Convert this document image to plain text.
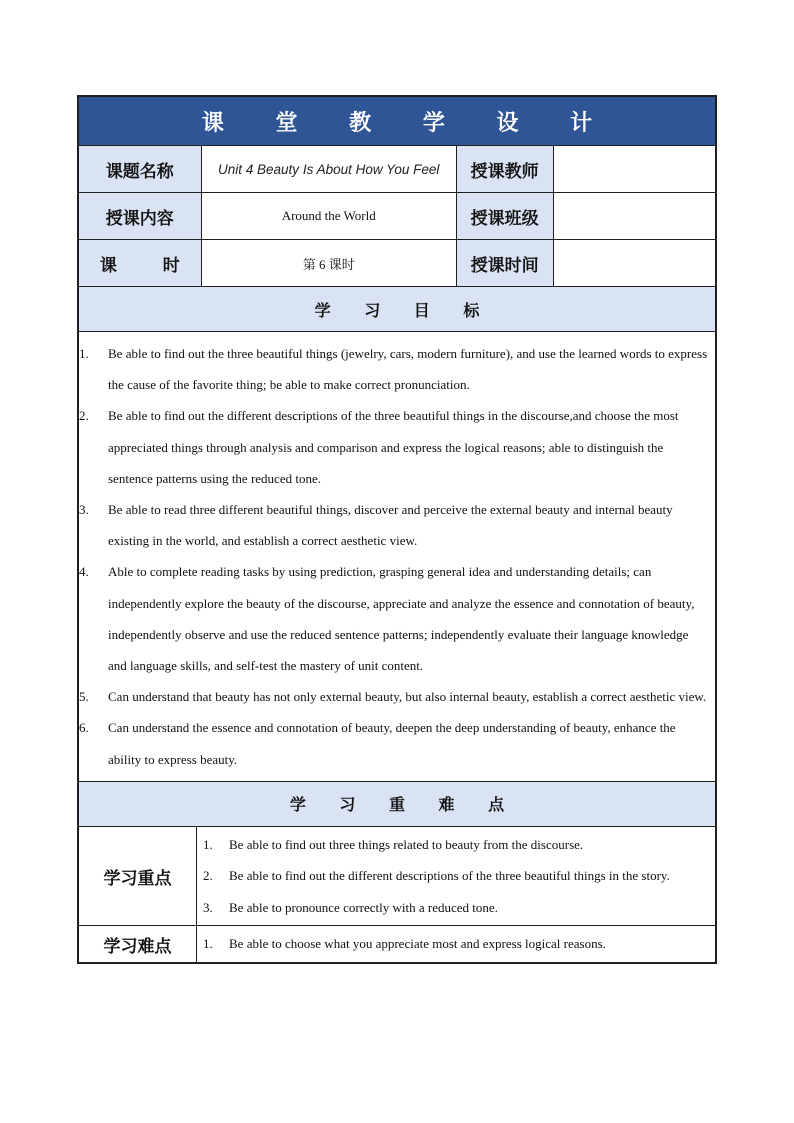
课 堂 教 学 设 计
课题名称	Unit 4 Beauty Is About How You Feel	授课教师
授课内容	Around the World	授课班级
课 时	第 6 课时	授课时间
学 习 目 标
1. Be able to find out the three beautiful things (jewelry, cars, modern furniture), and use the learned words to express the cause of the favorite thing; be able to make correct pronunciation.
2. Be able to find out the different descriptions of the three beautiful things in the discourse,and choose the most appreciated things through analysis and comparison and express the logical reasons; able to distinguish the sentence patterns using the reduced tone.
3. Be able to read three different beautiful things, discover and perceive the external beauty and internal beauty existing in the world, and establish a correct aesthetic view.
4. Able to complete reading tasks by using prediction, grasping general idea and understanding details; can independently explore the beauty of the discourse, appreciate and analyze the essence and connotation of beauty, independently observe and use the reduced sentence patterns; independently evaluate their language knowledge and language skills, and self-test the mastery of unit content.
5. Can understand that beauty has not only external beauty, but also internal beauty, establish a correct aesthetic view.
6. Can understand the essence and connotation of beauty, deepen the deep understanding of beauty, enhance the ability to express beauty.
学 习 重 难 点
学习重点
1. Be able to find out three things related to beauty from the discourse.
2. Be able to find out the different descriptions of the three beautiful things in the story.
3. Be able to pronounce correctly with a reduced tone.
学习难点	1. Be able to choose what you appreciate most and express logical reasons.
